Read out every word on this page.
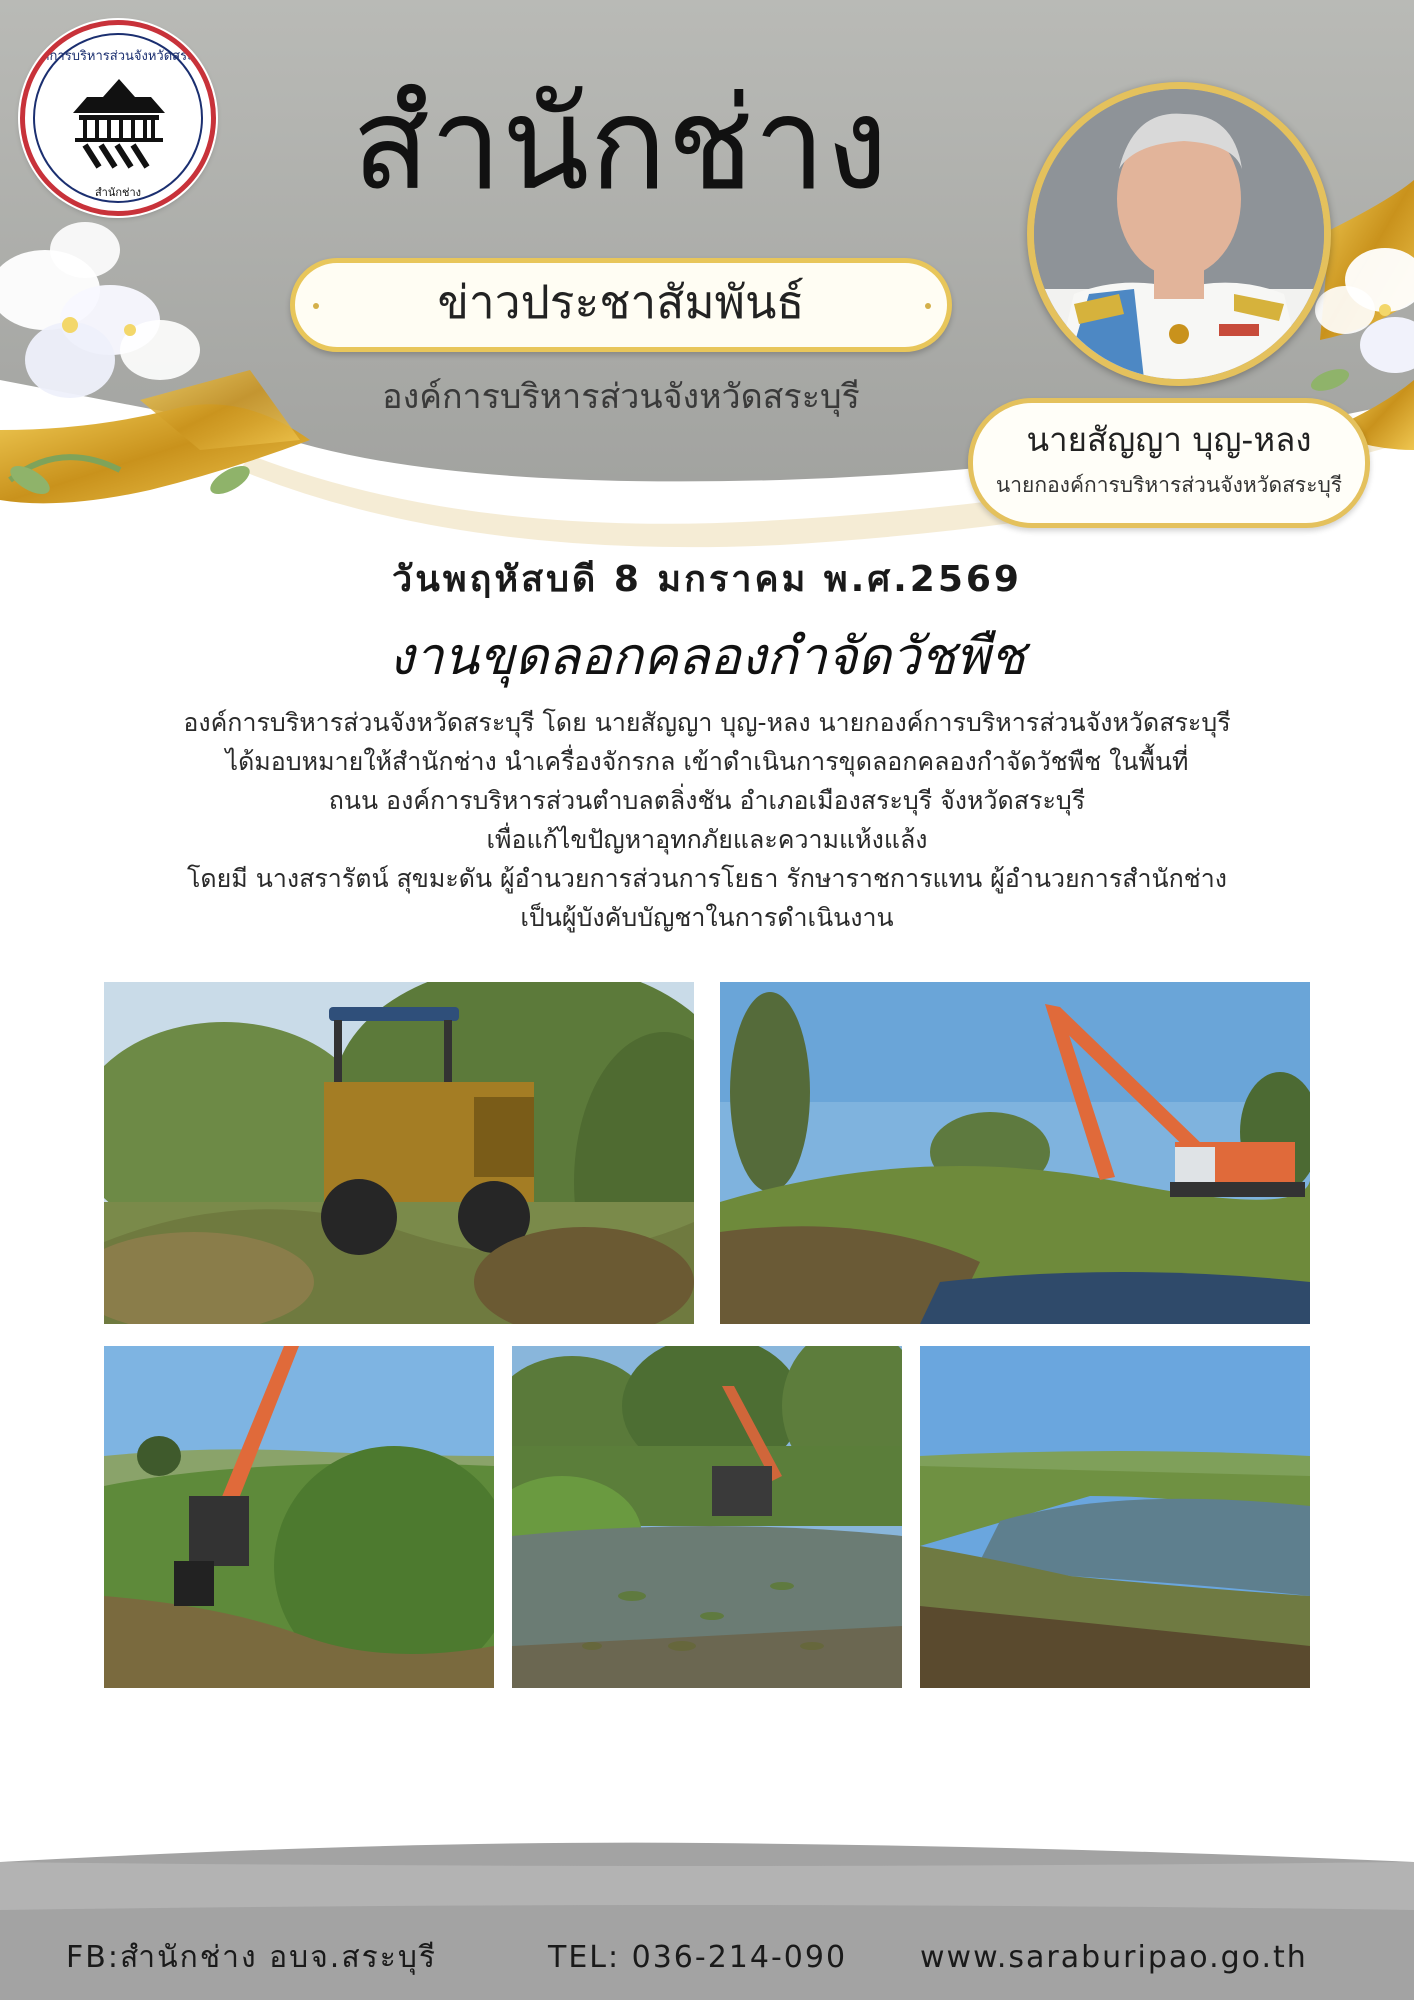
องค์การบริหารส่วนจังหวัดสระบุรี
สำนักช่าง	สำนักช่าง
ข่าวประชาสัมพันธ์
องค์การบริหารส่วนจังหวัดสระบุรี
นายสัญญา บุญ-หลง
นายกองค์การบริหารส่วนจังหวัดสระบุรี
วันพฤหัสบดี 8 มกราคม พ.ศ.2569
งานขุดลอกคลองกำจัดวัชพืช
องค์การบริหารส่วนจังหวัดสระบุรี โดย นายสัญญา บุญ-หลง นายกองค์การบริหารส่วนจังหวัดสระบุรี
ได้มอบหมายให้สำนักช่าง นำเครื่องจักรกล เข้าดำเนินการขุดลอกคลองกำจัดวัชพืช ในพื้นที่
ถนน องค์การบริหารส่วนตำบลตลิ่งชัน อำเภอเมืองสระบุรี จังหวัดสระบุรี
เพื่อแก้ไขปัญหาอุทกภัยและความแห้งแล้ง
โดยมี นางสรารัตน์ สุขมะดัน ผู้อำนวยการส่วนการโยธา รักษาราชการแทน ผู้อำนวยการสำนักช่าง
เป็นผู้บังคับบัญชาในการดำเนินงาน
FB:สำนักช่าง อบจ.สระบุรี	TEL: 036-214-090 www.saraburipao.go.th
